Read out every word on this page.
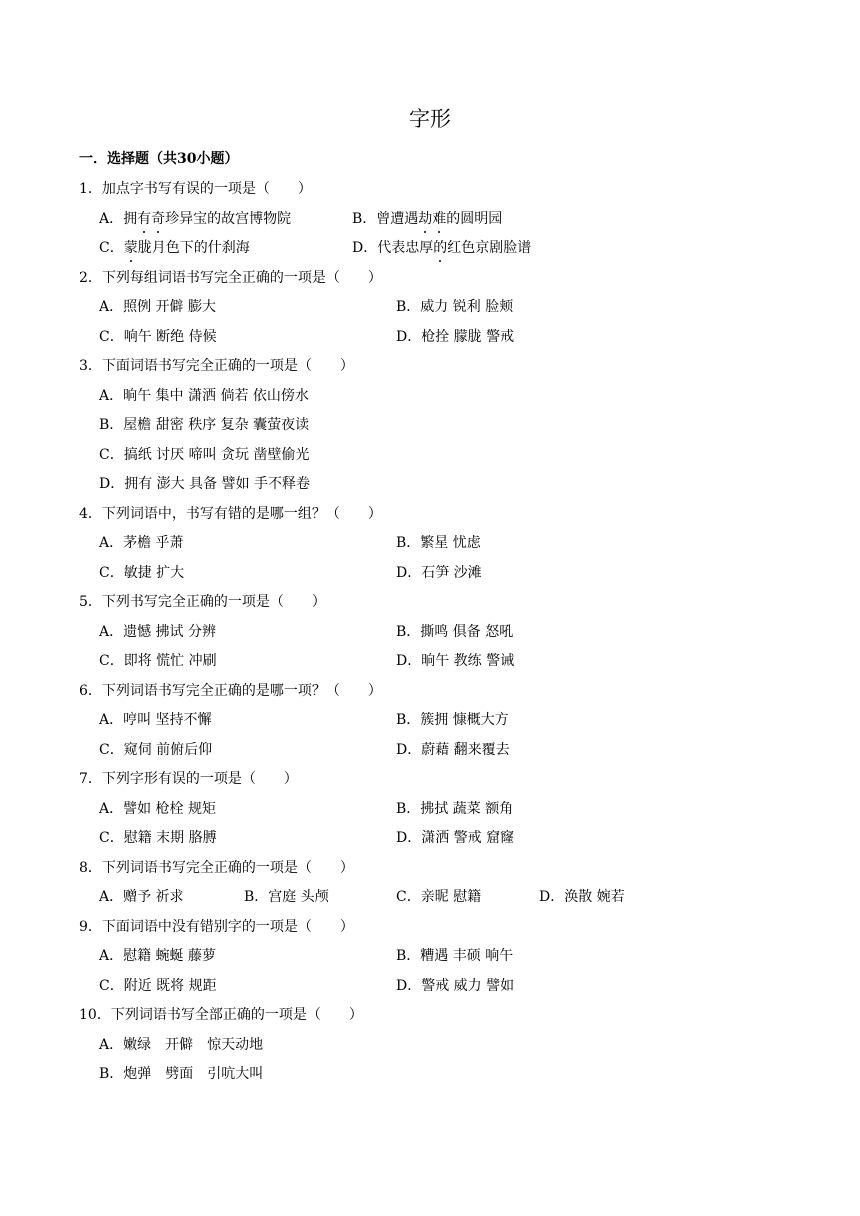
字形
一．选择题（共30小题）
1．加点字书写有误的一项是（　　）
A．拥有奇珍异宝的故宫博物院	B．曾遭遇劫难的圆明园
C．蒙胧月色下的什刹海	D．代表忠厚的红色京剧脸谱
2．下列每组词语书写完全正确的一项是（　　）
A．照例 开僻 膨大	B．威力 锐利 脸颊
C．响午 断绝 侍候	D．枪拴 朦胧 警戒
3．下面词语书写完全正确的一项是（　　）
A．晌午 集中 潇洒 倘若 依山傍水
B．屋檐 甜密 秩序 复杂 囊萤夜读
C．搞纸 讨厌 啼叫 贪玩 凿壁偷光
D．拥有 澎大 具备 譬如 手不释卷
4．下列词语中，书写有错的是哪一组？（　　）
A．茅檐 乎萧	B．繁星 忧虑
C．敏捷 扩大	D．石笋 沙滩
5．下列书写完全正确的一项是（　　）
A．遗憾 拂试 分辨	B．撕鸣 俱备 怒吼
C．即将 慌忙 冲刷	D．晌午 教练 警诫
6．下列词语书写完全正确的是哪一项？（　　）
A．哼叫 坚持不懈	B．簇拥 慷概大方
C．窥伺 前俯后仰	D．蔚藉 翻来覆去
7．下列字形有误的一项是（　　）
A．譬如 枪栓 规矩	B．拂拭 蔬菜 额角
C．慰籍 末期 胳膊	D．潇洒 警戒 窟窿
8．下列词语书写完全正确的一项是（　　）
A．赠予 祈求	B．宫庭 头颅	C．亲昵 慰籍	D．涣散 婉若
9．下面词语中没有错别字的一项是（　　）
A．慰籍 蜿蜒 藤萝	B．糟遇 丰硕 响午
C．附近 既将 规距	D．警戒 威力 譬如
10．下列词语书写全部正确的一项是（　　）
A．嫩绿　开僻　惊天动地
B．炮弹　劈面　引吭大叫
